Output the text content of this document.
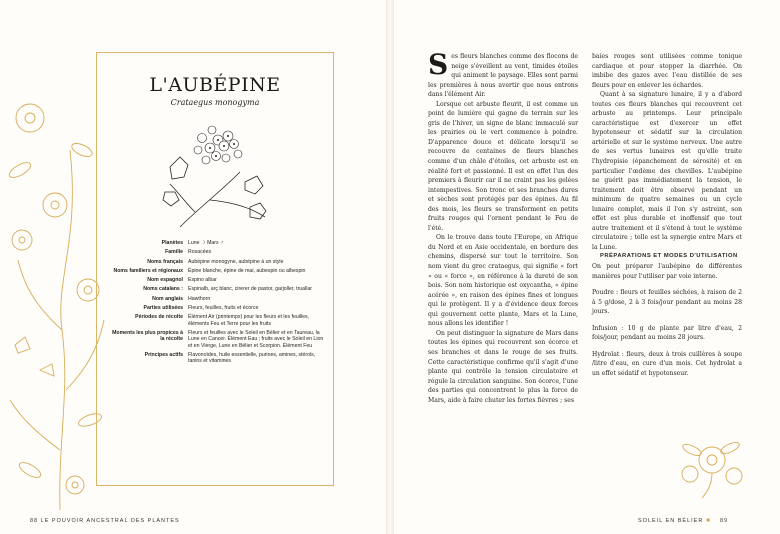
L'AUBÉPINE
Crataegus monogyma
Planètes Lune ☽ Mars ♂
Famille Rosacées
Noms français Aubépine monogyne, aubépine à un style
Noms familiers et régionaux Épine blanche, épine de mai, aubespin ou albespin
Nom espagnol Espino albar
Noms catalans : Espinalb, arç blanc, cirerer de pastor, garjoller, truallar
Nom anglais Hawthorn
Parties utilisées Fleurs, feuilles, fruits et écorce
Périodes de récolte Élément Air (printemps) pour les fleurs et les feuilles, éléments Feu et Terre pour les fruits
Moments les plus propices à la récolte
Fleurs et feuilles avec le Soleil en Bélier et en Taureau, la Lune en Cancer. Élément Eau ; fruits avec le Soleil en Lion et en Vierge, Lune en Bélier et Scorpion. Élément Feu
Principes actifs Flavonoïdes, huile essentielle, purines, amines, stérols, tanins et vitamines
88 LE POUVOIR ANCESTRAL DES PLANTES

Ses fleurs blanches comme des flocons de neige s'éveillent au vent, timides étoiles qui animent le paysage. Elles sont parmi les premières à nous avertir que nous entrons dans l'élément Air.

Lorsque cet arbuste fleurit, il est comme un point de lumière qui gagne du terrain sur les gris de l'hiver, un signe de blanc immaculé sur les prairies où le vert commence à poindre. D'apparence douce et délicate lorsqu'il se recouvre de centaines de fleurs blanches comme d'un châle d'étoiles, cet arbuste est en réalité fort et passionné. Il est en effet l'un des premiers à fleurir car il ne craint pas les gelées intempestives. Son tronc et ses branches dures et sèches sont protégés par des épines. Au fil des mois, les fleurs se transforment en petits fruits rouges qui l'ornent pendant le Feu de l'été.

On le trouve dans toute l'Europe, en Afrique du Nord et en Asie occidentale, en bordure des chemins, dispersé sur tout le territoire. Son nom vient du grec crataegus, qui signifie « fort » ou « force », en référence à la dureté de son bois. Son nom historique est oxycantha, « épine acérée », en raison des épines fines et longues qui le protègent. Il y a d'évidence deux forces qui gouvernent cette plante, Mars et la Lune, nous allons les identifier !

On peut distinguer la signature de Mars dans toutes les épines qui recouvrent son écorce et ses branches et dans le rouge de ses fruits. Cette caractéristique confirme qu'il s'agit d'une plante qui contrôle la tension circulatoire et régule la circulation sanguine. Son écorce, l'une des parties qui concentrent le plus la force de Mars, aide à faire chuter les fortes fièvres ; ses

baies rouges sont utilisées comme tonique cardiaque et pour stopper la diarrhée. On imbibe des gazes avec l'eau distillée de ses fleurs pour en enlever les échardes.

Quant à sa signature lunaire, il y a d'abord toutes ces fleurs blanches qui recouvrent cet arbuste au printemps. Leur principale caractéristique est d'exercer un effet hypotenseur et sédatif sur la circulation artérielle et sur le système nerveux. Une autre de ses vertus lunaires est qu'elle traite l'hydropisie (épanchement de sérosité) et en particulier l'œdème des chevilles. L'aubépine ne guérit pas immédiatement la tension, le traitement doit être observé pendant un minimum de quatre semaines ou un cycle lunaire complet, mais il l'on s'y astreint, son effet est plus durable et inoffensif que tout autre traitement et il s'étend à tout le système circulatoire ; telle est la synergie entre Mars et la Lune.

PRÉPARATIONS ET MODES D'UTILISATION

On peut préparer l'aubépine de différentes manières pour l'utiliser par voie interne.

Poudre : fleurs et feuilles séchées, à raison de 2 à 5 g/dose, 2 à 3 fois/jour pendant au moins 28 jours.

Infusion : 10 g de plante par litre d'eau, 2 fois/jour, pendant au moins 28 jours.

Hydrolat : fleurs, deux à trois cuillères à soupe /litre d'eau, en cure d'un mois. Cet hydrolat a un effet sédatif et hypotenseur.

SOLEIL EN BÉLIER ✺ 89
